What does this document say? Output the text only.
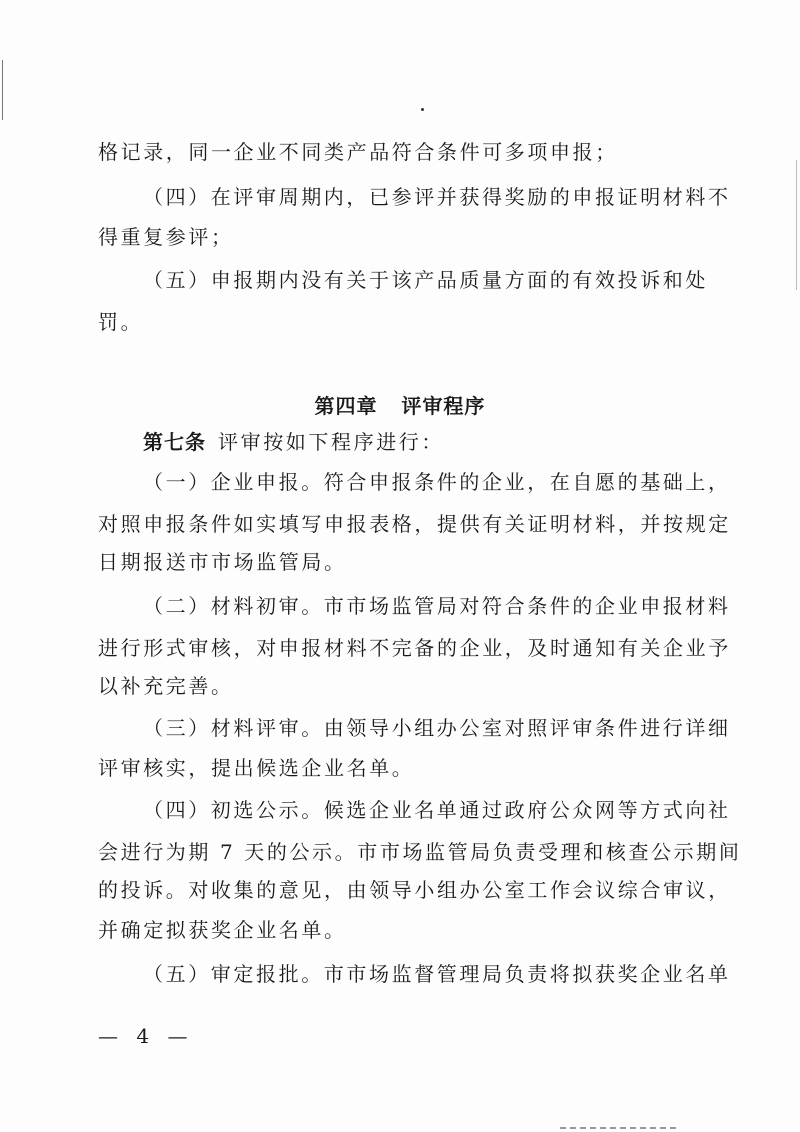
格记录，同一企业不同类产品符合条件可多项申报；
（四）在评审周期内，已参评并获得奖励的申报证明材料不
得重复参评；
（五）申报期内没有关于该产品质量方面的有效投诉和处
罚。
第四章   评审程序
第七条 评审按如下程序进行：
（一）企业申报。符合申报条件的企业，在自愿的基础上，
对照申报条件如实填写申报表格，提供有关证明材料，并按规定
日期报送市市场监管局。
（二）材料初审。市市场监管局对符合条件的企业申报材料
进行形式审核，对申报材料不完备的企业，及时通知有关企业予
以补充完善。
（三）材料评审。由领导小组办公室对照评审条件进行详细
评审核实，提出候选企业名单。
（四）初选公示。候选企业名单通过政府公众网等方式向社
会进行为期 7 天的公示。市市场监管局负责受理和核查公示期间
的投诉。对收集的意见，由领导小组办公室工作会议综合审议，
并确定拟获奖企业名单。
（五）审定报批。市市场监督管理局负责将拟获奖企业名单
— 4 —
